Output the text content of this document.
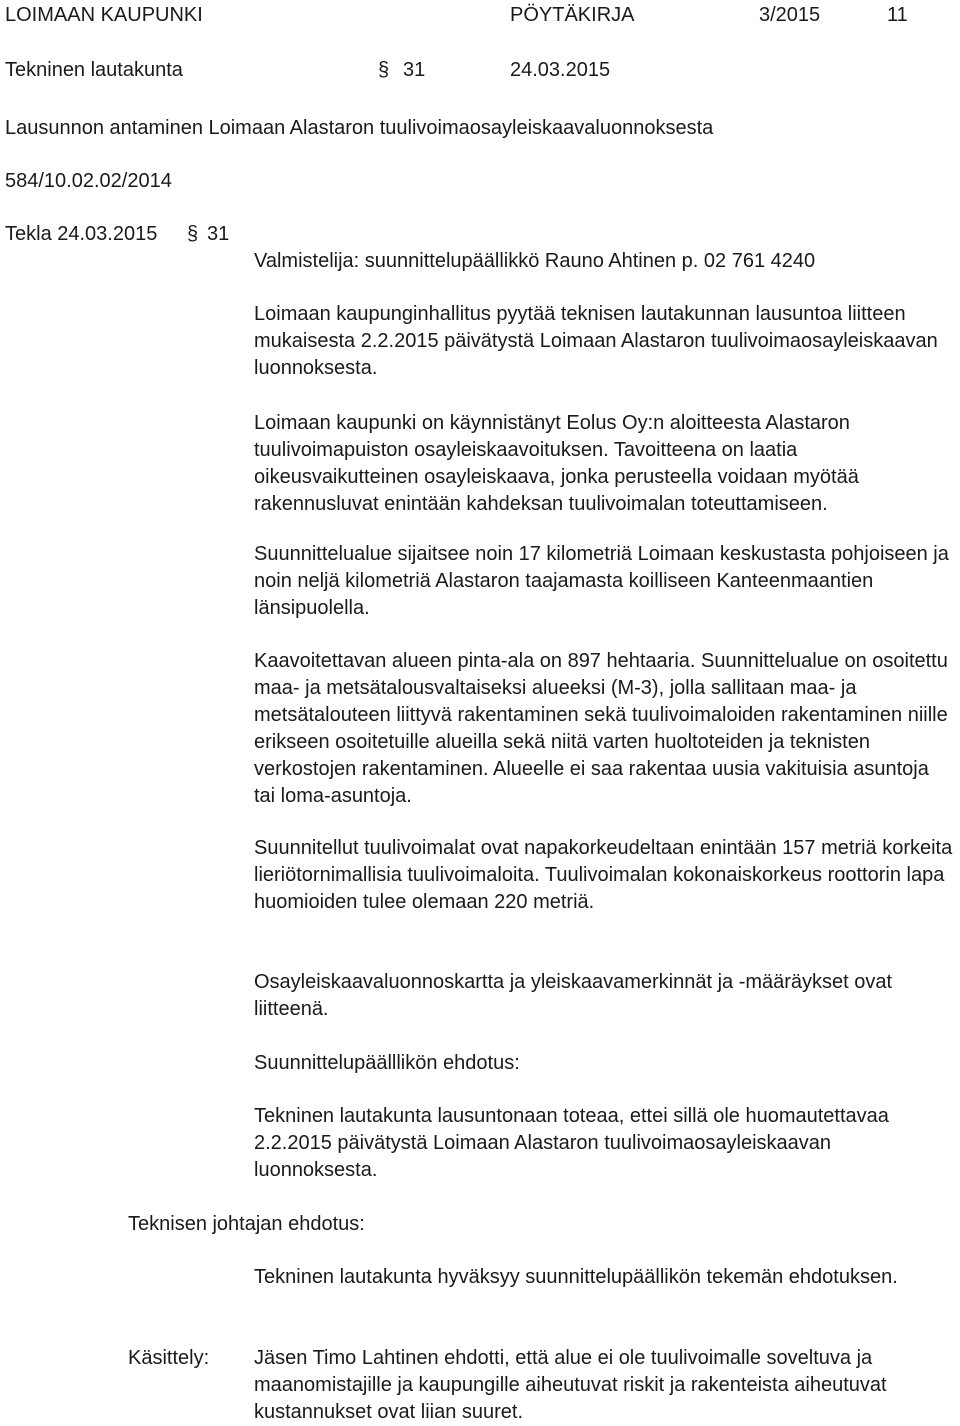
LOIMAAN KAUPUNKI	PÖYTÄKIRJA	3/2015	11
Tekninen lautakunta	§ 31	24.03.2015
Lausunnon antaminen Loimaan Alastaron tuulivoimaosayleiskaavaluonnoksesta
584/10.02.02/2014
Tekla 24.03.2015 § 31
Valmistelija: suunnittelupäällikkö Rauno Ahtinen p. 02 761 4240

Loimaan kaupunginhallitus pyytää teknisen lautakunnan lausuntoa liitteen mukaisesta 2.2.2015 päivätystä Loimaan Alastaron tuulivoimaosayleiskaavan luonnoksesta.

Loimaan kaupunki on käynnistänyt Eolus Oy:n aloitteesta Alastaron tuulivoimapuiston osayleiskaavoituksen. Tavoitteena on laatia oikeusvaikutteinen osayleiskaava, jonka perusteella voidaan myötää rakennusluvat enintään kahdeksan tuulivoimalan toteuttamiseen.

Suunnittelualue sijaitsee noin 17 kilometriä Loimaan keskustasta pohjoiseen ja noin neljä kilometriä Alastaron taajamasta koilliseen Kanteenmaantien länsipuolella.

Kaavoitettavan alueen pinta-ala on 897 hehtaaria. Suunnittelualue on osoitettu maa- ja metsätalousvaltaiseksi alueeksi (M-3), jolla sallitaan maa- ja metsätalouteen liittyvä rakentaminen sekä tuulivoimaloiden rakentaminen niille erikseen osoitetuille alueilla sekä niitä varten huoltoteiden ja teknisten verkostojen rakentaminen. Alueelle ei saa rakentaa uusia vakituisia asuntoja tai loma-asuntoja.

Suunnitellut tuulivoimalat ovat napakorkeudeltaan enintään 157 metriä korkeita lieriötornimallisia tuulivoimaloita. Tuulivoimalan kokonaiskorkeus roottorin lapa huomioiden tulee olemaan 220 metriä.

Osayleiskaavaluonnoskartta ja yleiskaavamerkinnät ja -määräykset ovat liitteenä.

Suunnittelupäälllikön ehdotus:

Tekninen lautakunta lausuntonaan toteaa, ettei sillä ole huomautettavaa 2.2.2015 päivätystä Loimaan Alastaron tuulivoimaosayleiskaavan luonnoksesta.

Teknisen johtajan ehdotus:

Tekninen lautakunta hyväksyy suunnittelupäällikön tekemän ehdotuksen.

Käsittely: Jäsen Timo Lahtinen ehdotti, että alue ei ole tuulivoimalle soveltuva ja maanomistajille ja kaupungille aiheutuvat riskit ja rakenteista aiheutuvat kustannukset ovat liian suuret.
